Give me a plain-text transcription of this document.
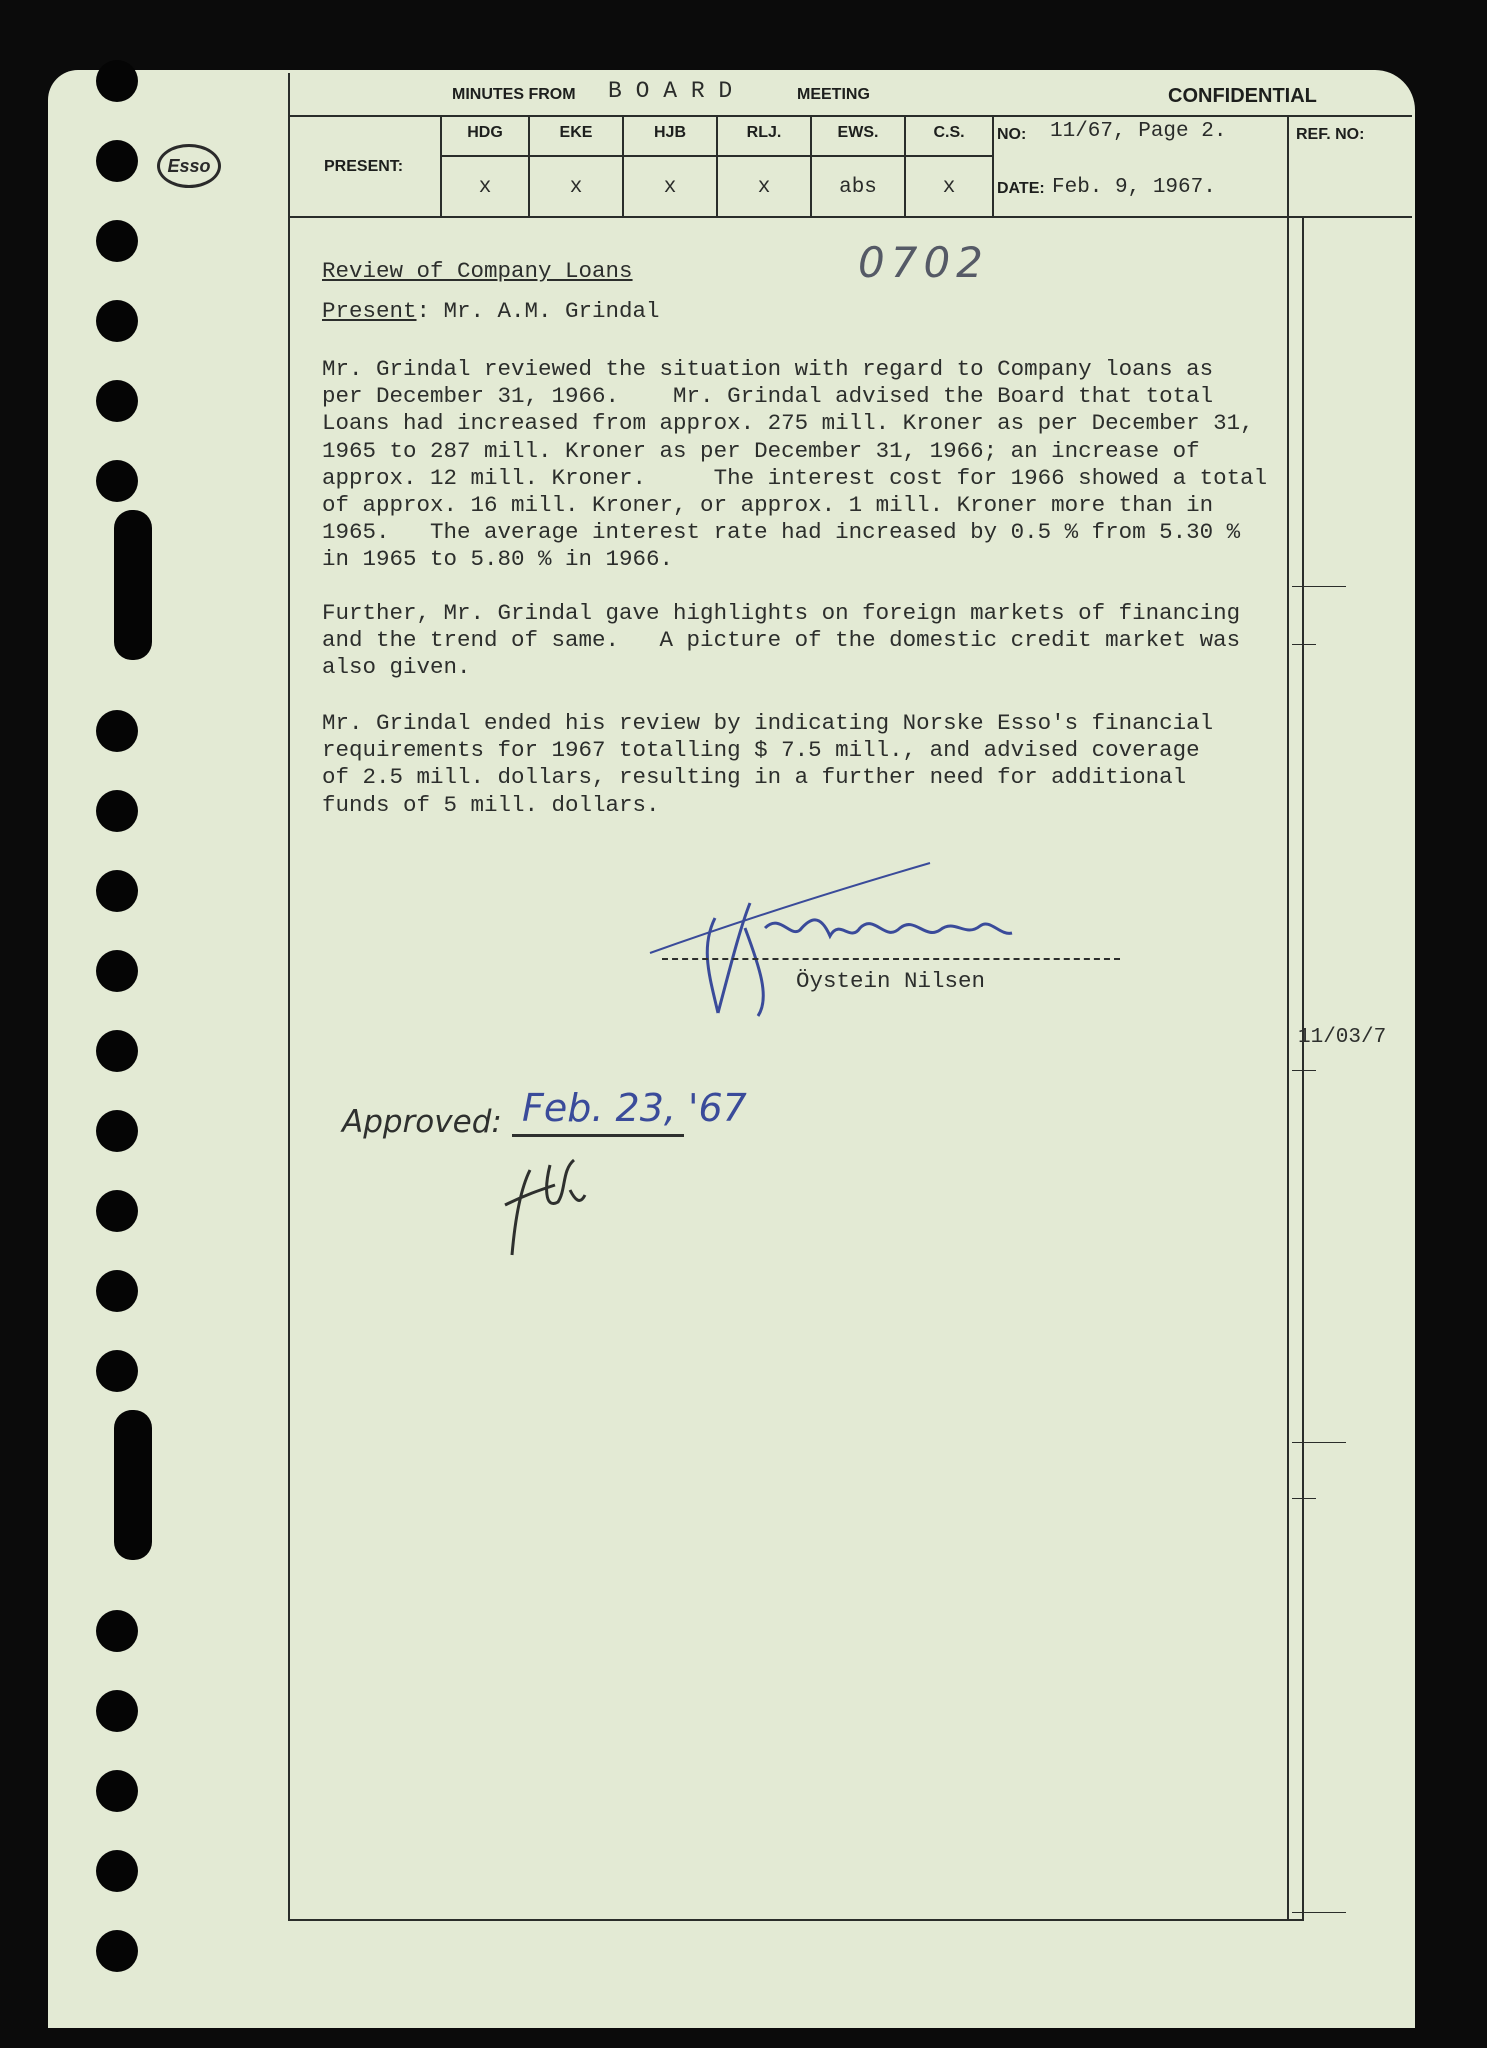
Esso
MINUTES FROM B O A R D	MEETING	CONFIDENTIAL
PRESENT:
HDG	EKE	HJB	RLJ.	EWS.	C.S.
x	x	x	x	abs	x
NO: 11/67, Page 2.
DATE: Feb. 9, 1967.
REF. NO:
0702
Review of Company Loans
Present: Mr. A.M. Grindal
Mr. Grindal reviewed the situation with regard to Company loans as
per December 31, 1966.    Mr. Grindal advised the Board that total
Loans had increased from approx. 275 mill. Kroner as per December 31,
1965 to 287 mill. Kroner as per December 31, 1966; an increase of
approx. 12 mill. Kroner.     The interest cost for 1966 showed a total
of approx. 16 mill. Kroner, or approx. 1 mill. Kroner more than in
1965.   The average interest rate had increased by 0.5 % from 5.30 %
in 1965 to 5.80 % in 1966.
Further, Mr. Grindal gave highlights on foreign markets of financing
and the trend of same.   A picture of the domestic credit market was
also given.
Mr. Grindal ended his review by indicating Norske Esso's financial
requirements for 1967 totalling $ 7.5 mill., and advised coverage
of 2.5 mill. dollars, resulting in a further need for additional
funds of 5 mill. dollars.
Öystein Nilsen
11/03/7
Approved: Feb. 23, '67
